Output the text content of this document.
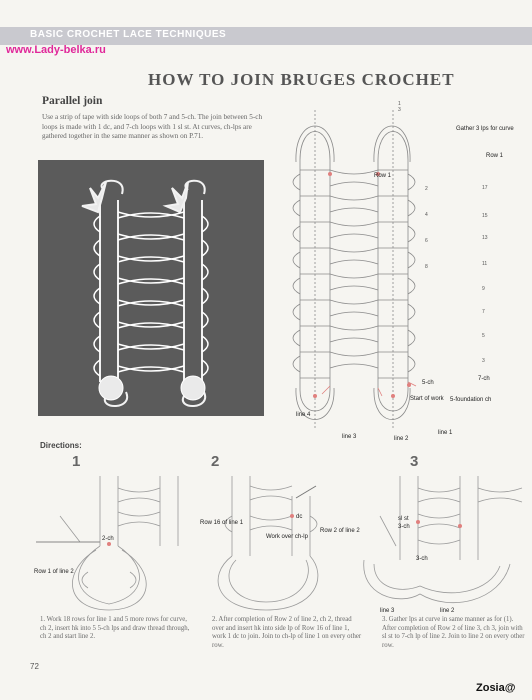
BASIC CROCHET LACE TECHNIQUES
www.Lady-belka.ru
HOW TO JOIN BRUGES CROCHET
Parallel join
Use a strip of tape with side loops of both 7 and 5-ch. The join between 5-ch loops is made with 1 dc, and 7-ch loops with 1 sl st. At curves, ch-lps are gathered together in the same manner as shown on P.71.
3
1
Gather 3 lps for curve
Row 1
Row 1
17
15
13
11
9
7
5
3
2
4
6
8
5-ch
7-ch
Start of work 5-foundation ch
line 4
line 3	line 2
line 1
Directions:
1	2	3
2-ch
Row 1 of line 2
Row 16 of line 1
dc
Work over ch-lp
Row 2 of line 2
sl st
3-ch
3-ch
line 3	line 2
1. Work 18 rows for line 1 and 5 more rows for curve, ch 2, insert hk into 5 5-ch lps and draw thread through, ch 2 and start line 2.
2. After completion of Row 2 of line 2, ch 2, thread over and insert hk into side lp of Row 16 of line 1, work 1 dc to join. Join to ch-lp of line 1 on every other row.
3. Gather lps at curve in same manner as for (1). After completion of Row 2 of line 3, ch 3, join with sl st to 7-ch lp of line 2. Join to line 2 on every other row.
72
Zosia@
